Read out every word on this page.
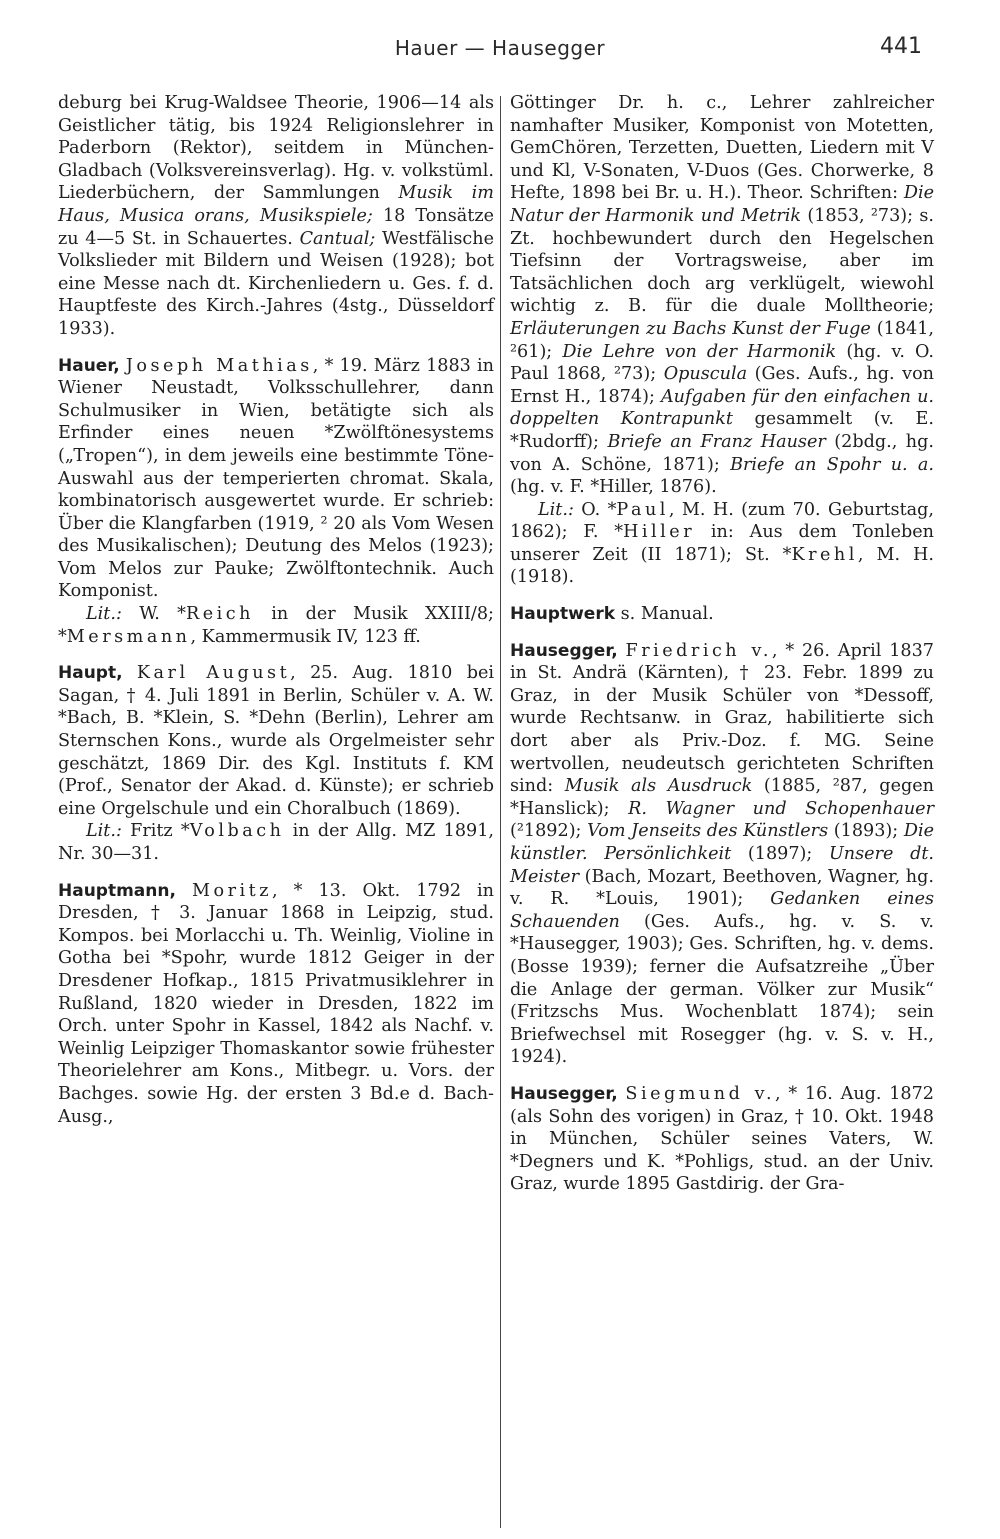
Hauer — Hausegger	441

deburg bei Krug-Waldsee Theorie, 1906—14 als Geistlicher tätig, bis 1924 Religionslehrer in Paderborn (Rektor), seitdem in München-Gladbach (Volksvereinsverlag). Hg. v. volkstüml. Liederbüchern, der Sammlungen Musik im Haus, Musica orans, Musikspiele; 18 Tonsätze zu 4—5 St. in Schauertes. Cantual; Westfälische Volkslieder mit Bildern und Weisen (1928); bot eine Messe nach dt. Kirchenliedern u. Ges. f. d. Hauptfeste des Kirch.-Jahres (4stg., Düsseldorf 1933).

Hauer, Joseph Mathias, * 19. März 1883 in Wiener Neustadt, Volksschullehrer, dann Schulmusiker in Wien, betätigte sich als Erfinder eines neuen *Zwölftönesystems („Tropen“), in dem jeweils eine bestimmte Töne-Auswahl aus der temperierten chromat. Skala, kombinatorisch ausgewertet wurde. Er schrieb: Über die Klangfarben (1919, ² 20 als Vom Wesen des Musikalischen); Deutung des Melos (1923); Vom Melos zur Pauke; Zwölftontechnik. Auch Komponist.

Lit.: W. *Reich in der Musik XXIII/8; *Mersmann, Kammermusik IV, 123 ff.

Haupt, Karl August, 25. Aug. 1810 bei Sagan, † 4. Juli 1891 in Berlin, Schüler v. A. W. *Bach, B. *Klein, S. *Dehn (Berlin), Lehrer am Sternschen Kons., wurde als Orgelmeister sehr geschätzt, 1869 Dir. des Kgl. Instituts f. KM (Prof., Senator der Akad. d. Künste); er schrieb eine Orgelschule und ein Choralbuch (1869).

Lit.: Fritz *Volbach in der Allg. MZ 1891, Nr. 30—31.

Hauptmann, Moritz, * 13. Okt. 1792 in Dresden, † 3. Januar 1868 in Leipzig, stud. Kompos. bei Morlacchi u. Th. Weinlig, Violine in Gotha bei *Spohr, wurde 1812 Geiger in der Dresdener Hofkap., 1815 Privatmusiklehrer in Rußland, 1820 wieder in Dresden, 1822 im Orch. unter Spohr in Kassel, 1842 als Nachf. v. Weinlig Leipziger Thomaskantor sowie frühester Theorielehrer am Kons., Mitbegr. u. Vors. der Bachges. sowie Hg. der ersten 3 Bd.e d. Bach-Ausg.,

Göttinger Dr. h. c., Lehrer zahlreicher namhafter Musiker, Komponist von Motetten, GemChören, Terzetten, Duetten, Liedern mit V und Kl, V-Sonaten, V-Duos (Ges. Chorwerke, 8 Hefte, 1898 bei Br. u. H.). Theor. Schriften: Die Natur der Harmonik und Metrik (1853, ²73); s. Zt. hochbewundert durch den Hegelschen Tiefsinn der Vortragsweise, aber im Tatsächlichen doch arg verklügelt, wiewohl wichtig z. B. für die duale Molltheorie; Erläuterungen zu Bachs Kunst der Fuge (1841, ²61); Die Lehre von der Harmonik (hg. v. O. Paul 1868, ²73); Opuscula (Ges. Aufs., hg. von Ernst H., 1874); Aufgaben für den einfachen u. doppelten Kontrapunkt gesammelt (v. E. *Rudorff); Briefe an Franz Hauser (2bdg., hg. von A. Schöne, 1871); Briefe an Spohr u. a. (hg. v. F. *Hiller, 1876).

Lit.: O. *Paul, M. H. (zum 70. Geburtstag, 1862); F. *Hiller in: Aus dem Tonleben unserer Zeit (II 1871); St. *Krehl, M. H. (1918).

Hauptwerk s. Manual.

Hausegger, Friedrich v., * 26. April 1837 in St. Andrä (Kärnten), † 23. Febr. 1899 zu Graz, in der Musik Schüler von *Dessoff, wurde Rechtsanw. in Graz, habilitierte sich dort aber als Priv.-Doz. f. MG. Seine wertvollen, neudeutsch gerichteten Schriften sind: Musik als Ausdruck (1885, ²87, gegen *Hanslick); R. Wagner und Schopenhauer (²1892); Vom Jenseits des Künstlers (1893); Die künstler. Persönlichkeit (1897); Unsere dt. Meister (Bach, Mozart, Beethoven, Wagner, hg. v. R. *Louis, 1901); Gedanken eines Schauenden (Ges. Aufs., hg. v. S. v. *Hausegger, 1903); Ges. Schriften, hg. v. dems. (Bosse 1939); ferner die Aufsatzreihe „Über die Anlage der german. Völker zur Musik“ (Fritzschs Mus. Wochenblatt 1874); sein Briefwechsel mit Rosegger (hg. v. S. v. H., 1924).

Hausegger, Siegmund v., * 16. Aug. 1872 (als Sohn des vorigen) in Graz, † 10. Okt. 1948 in München, Schüler seines Vaters, W. *Degners und K. *Pohligs, stud. an der Univ. Graz, wurde 1895 Gastdirig. der Gra-
